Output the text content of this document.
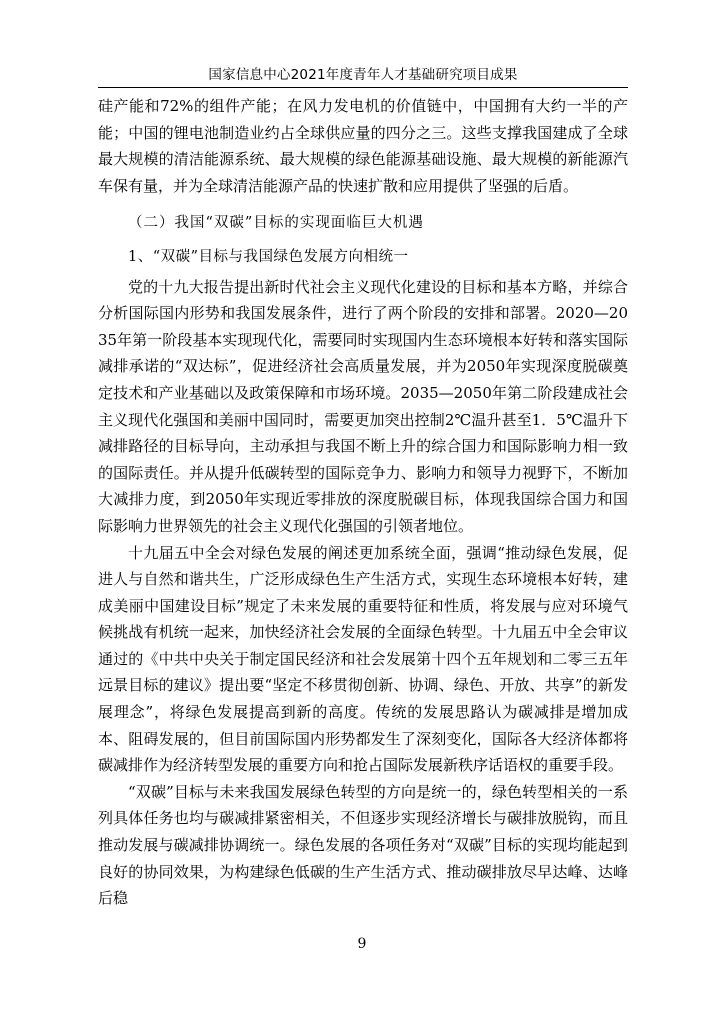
国家信息中心2021年度青年人才基础研究项目成果

硅产能和72%的组件产能；在风力发电机的价值链中，中国拥有大约一半的产能；中国的锂电池制造业约占全球供应量的四分之三。这些支撑我国建成了全球最大规模的清洁能源系统、最大规模的绿色能源基础设施、最大规模的新能源汽车保有量，并为全球清洁能源产品的快速扩散和应用提供了坚强的后盾。

（二）我国“双碳”目标的实现面临巨大机遇

1、“双碳”目标与我国绿色发展方向相统一

党的十九大报告提出新时代社会主义现代化建设的目标和基本方略，并综合分析国际国内形势和我国发展条件，进行了两个阶段的安排和部署。2020—2035年第一阶段基本实现现代化，需要同时实现国内生态环境根本好转和落实国际减排承诺的“双达标”，促进经济社会高质量发展，并为2050年实现深度脱碳奠定技术和产业基础以及政策保障和市场环境。2035—2050年第二阶段建成社会主义现代化强国和美丽中国同时，需要更加突出控制2℃温升甚至1．5℃温升下减排路径的目标导向，主动承担与我国不断上升的综合国力和国际影响力相一致的国际责任。并从提升低碳转型的国际竞争力、影响力和领导力视野下，不断加大减排力度，到2050年实现近零排放的深度脱碳目标，体现我国综合国力和国际影响力世界领先的社会主义现代化强国的引领者地位。

十九届五中全会对绿色发展的阐述更加系统全面，强调“推动绿色发展，促进人与自然和谐共生，广泛形成绿色生产生活方式，实现生态环境根本好转，建成美丽中国建设目标”规定了未来发展的重要特征和性质，将发展与应对环境气候挑战有机统一起来，加快经济社会发展的全面绿色转型。十九届五中全会审议通过的《中共中央关于制定国民经济和社会发展第十四个五年规划和二零三五年远景目标的建议》提出要“坚定不移贯彻创新、协调、绿色、开放、共享”的新发展理念”，将绿色发展提高到新的高度。传统的发展思路认为碳减排是增加成本、阻碍发展的，但目前国际国内形势都发生了深刻变化，国际各大经济体都将碳减排作为经济转型发展的重要方向和抢占国际发展新秩序话语权的重要手段。

“双碳”目标与未来我国发展绿色转型的方向是统一的，绿色转型相关的一系列具体任务也均与碳减排紧密相关，不但逐步实现经济增长与碳排放脱钩，而且推动发展与碳减排协调统一。绿色发展的各项任务对“双碳”目标的实现均能起到良好的协同效果，为构建绿色低碳的生产生活方式、推动碳排放尽早达峰、达峰后稳

9
